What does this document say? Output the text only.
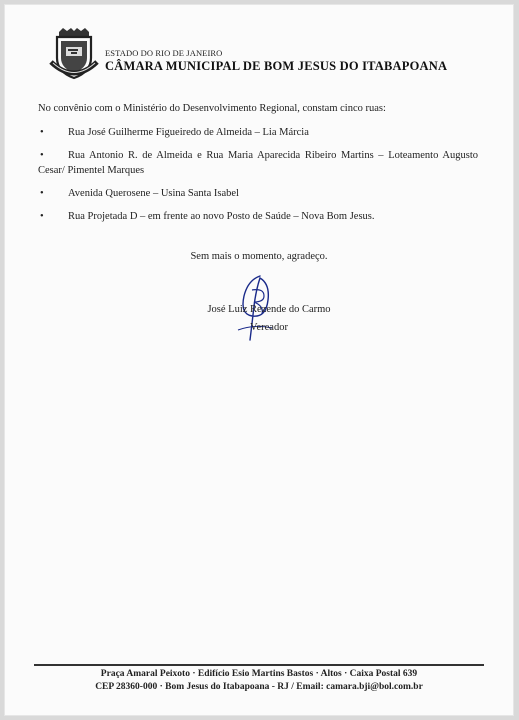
ESTADO DO RIO DE JANEIRO
CÂMARA MUNICIPAL DE BOM JESUS DO ITABAPOANA

No convênio com o Ministério do Desenvolvimento Regional, constam cinco ruas:

• Rua José Guilherme Figueiredo de Almeida – Lia Márcia
• Rua Antonio R. de Almeida e Rua Maria Aparecida Ribeiro Martins – Loteamento Augusto Cesar/ Pimentel Marques
• Avenida Querosene – Usina Santa Isabel
• Rua Projetada D – em frente ao novo Posto de Saúde – Nova Bom Jesus.
Sem mais o momento, agradeço.
José Luiz Rezende do Carmo
Vereador
Praça Amaral Peixoto · Edifício Esio Martins Bastos · Altos · Caixa Postal 639
CEP 28360-000 · Bom Jesus do Itabapoana - RJ / Email: camara.bji@bol.com.br
